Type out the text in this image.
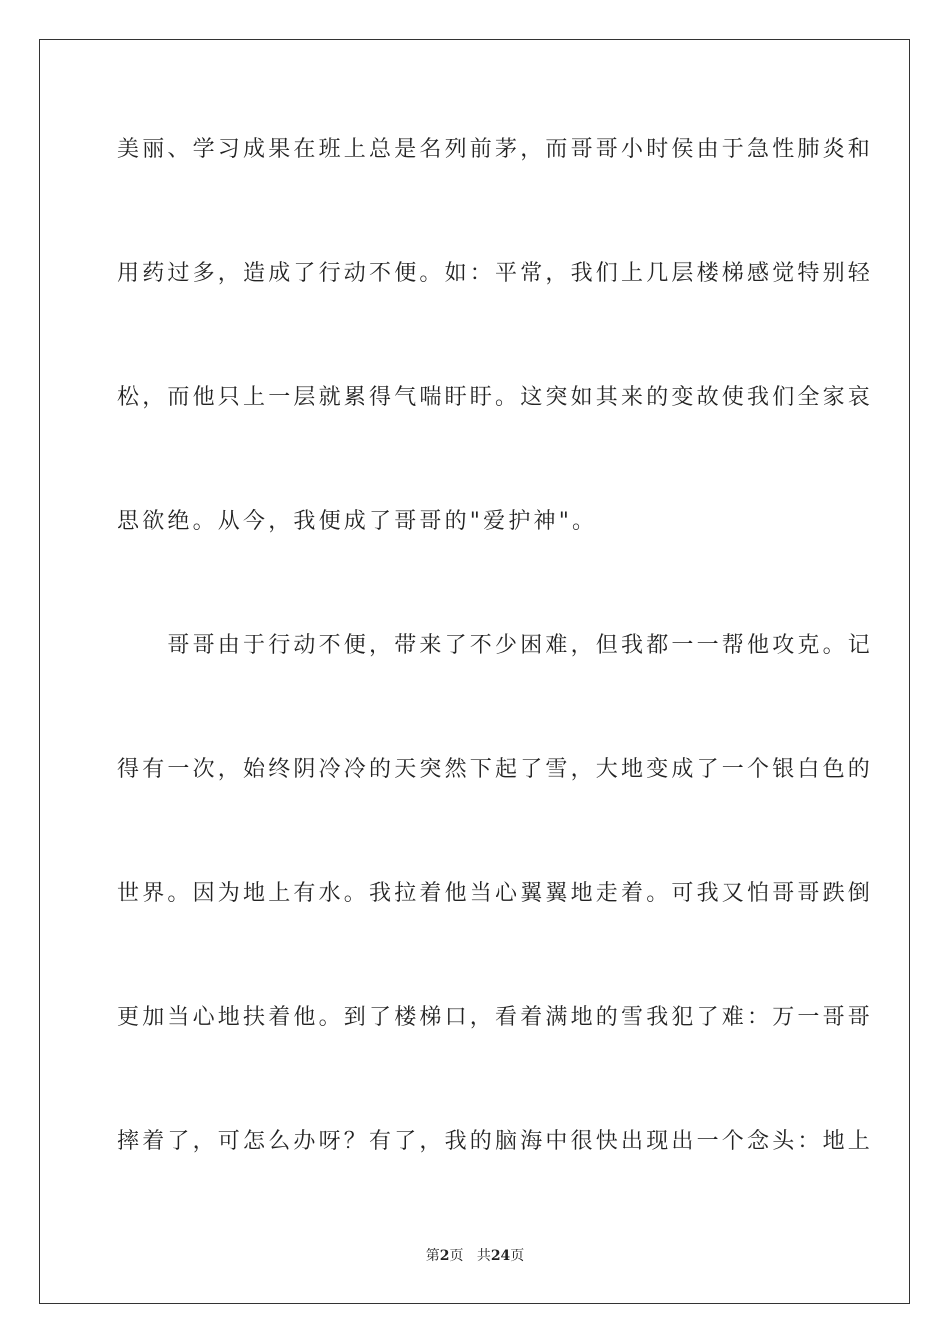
美丽、学习成果在班上总是名列前茅，而哥哥小时侯由于急性肺炎和
用药过多，造成了行动不便。如：平常，我们上几层楼梯感觉特别轻
松，而他只上一层就累得气喘盱盱。这突如其来的变故使我们全家哀
思欲绝。从今，我便成了哥哥的"爱护神"。
　　哥哥由于行动不便，带来了不少困难，但我都一一帮他攻克。记
得有一次，始终阴冷冷的天突然下起了雪，大地变成了一个银白色的
世界。因为地上有水。我拉着他当心翼翼地走着。可我又怕哥哥跌倒
更加当心地扶着他。到了楼梯口，看着满地的雪我犯了难：万一哥哥
摔着了，可怎么办呀？有了，我的脑海中很快出现出一个念头：地上
第2页 共24页
